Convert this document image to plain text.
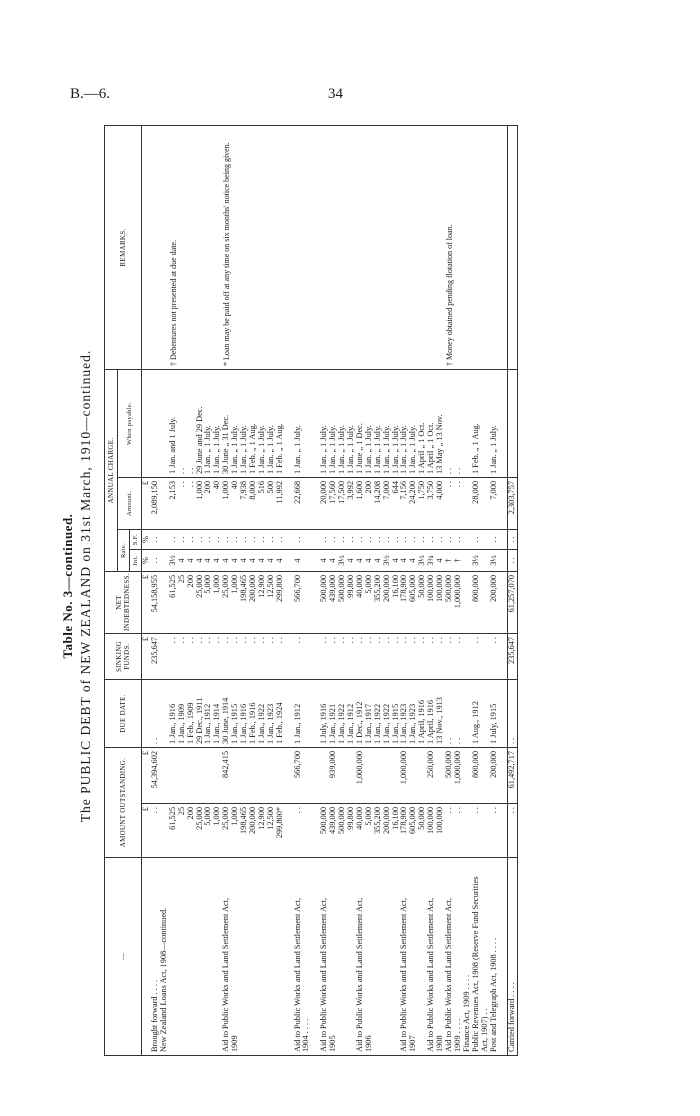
B.—6.	34
Table No. 3—continued. The PUBLIC DEBT of NEW ZEALAND on 31st March, 1910—continued.
—	AMOUNT OUTSTANDING.		DUE DATE.	SINKING FUNDS.	NET INDEBTEDNESS.	ANNUAL CHARGE.				REMARKS.
						Rate.		Amount.	When payable.	
						Int.	S.F.			
	£	£		£	£	%	%	£		
Brought forward . . . .	. .	54,394,602	. .	235,647	54,158,955	. .	. .	2,089,150		
New Zealand Loans Act, 1908—continued.										
	61,525		1 Jan., 1916	. .	61,525	3½	. .	2,153	1 Jan. and 1 July.	† Debentures not presented at due date.
	25		1 Jan., 1909	. .	25	4	. .	. .	. .	
	200		1 Feb., 1909	. .	200	4	. .	. .	. .	
	25,000		29 Dec., 1911	. .	25,000	4	. .	1,000	29 June and 29 Dec.	
	5,000		1 Jan., 1912	. .	5,000	4	. .	200	1 Jan. „ 1 July.	
	1,000		1 Jan., 1914	. .	1,000	4	. .	40	1 Jan. „ 1 July.	
Aid to Public Works and Land Settlement Act,	25,000	842,415	30 June, 1914	. .	25,000	4	. .	1,000	30 June „ 31 Dec.	* Loan may be paid off at any time on six months' notice being given.
1909	1,000		1 Jan., 1915	. .	1,000	4	. .	40	1 Jan. „ 1 July.	
	198,465		1 Jan., 1916	. .	198,465	4	. .	7,938	1 Jan. „ 1 July.	
	200,000		1 Feb., 1916	. .	200,000	4	. .	8,000	1 Feb. „ 1 Aug.	
	12,900		1 Jan., 1922	. .	12,900	4	. .	516	1 Jan. „ 1 July.	
	12,500		1 Jan., 1923	. .	12,500	4	. .	500	1 Jan. „ 1 July.	
	299,800*		1 Feb., 1924	. .	299,800	4	. .	11,992	1 Feb. „ 1 Aug.	

Aid to Public Works and Land Settlement Act,	. .	566,700	1 Jan., 1912	. .	566,700	4	. .	22,668	1 Jan. „ 1 July.	
1904 . . . .										

Aid to Public Works and Land Settlement Act,	500,000		1 July, 1916	. .	500,000	4	. .	20,000	1 Jan. „ 1 July.	
1905	439,000	939,000	1 Jan., 1921	. .	439,000	4	. .	17,560	1 Jan. „ 1 July.	
	500,000		1 Jan., 1922	. .	500,000	3½	. .	17,500	1 Jan. „ 1 July.	
	99,800		1 Jan., 1912	. .	99,800	4	. .	3,992	1 Jan. „ 1 July.	
Aid to Public Works and Land Settlement Act,	40,000	1,000,000	1 Dec., 1912	. .	40,000	4	. .	1,600	1 June „ 1 Dec.	
1906	5,000		1 Jan., 1917	. .	5,000	4	. .	200	1 Jan. „ 1 July.	
	355,200		1 Jan., 1922	. .	355,200	4	. .	14,208	1 Jan. „ 1 July.	
	200,000		1 Jan., 1922	. .	200,000	3½	. .	7,000	1 Jan. „ 1 July.	
	16,100		1 Jan., 1915	. .	16,100	4	. .	644	1 Jan. „ 1 July.	
Aid to Public Works and Land Settlement Act,	178,900	1,000,000	1 Jan., 1923	. .	178,900	4	. .	7,156	1 Jan. „ 1 July.	
1907	605,000		1 Jan., 1923	. .	605,000	4	. .	24,200	1 Jan. „ 1 July.	
	50,000		1 April, 1916	. .	50,000	3½	. .	1,750	1 April „ 1 Oct.	
Aid to Public Works and Land Settlement Act,	100,000	250,000	1 April, 1916	. .	100,000	3¾	. .	3,750	1 April „ 1 Oct.	
1908	100,000		13 Nov., 1913	. .	100,000	4	. .	4,000	13 May „ 13 Nov.	
Aid to Public Works and Land Settlement Act,	. .	500,000	. .	. .	500,000	†	. .	. .	. .	† Money obtained pending flotation of loan.
1909 . . . .	. .	1,000,000	. .	. .	1,000,000	†	. .	. .	. .	
Finance Act, 1909 . . . .										
Public Revenues Act, 1908 (Reserve Fund Securities	. .	800,000	1 Aug., 1912	. .	800,000	3½	. .	28,000	1 Feb. „ 1 Aug.	
Act, 1907) . .										
Post and Telegraph Act, 1908 . . . .	. .	200,000	1 July, 1915	. .	200,000	3½	. .	7,000	1 Jan. „ 1 July.	

Carried forward . . . .	. .	61,492,717	. .	235,647	61,257,070	. .	. .	2,303,757		
